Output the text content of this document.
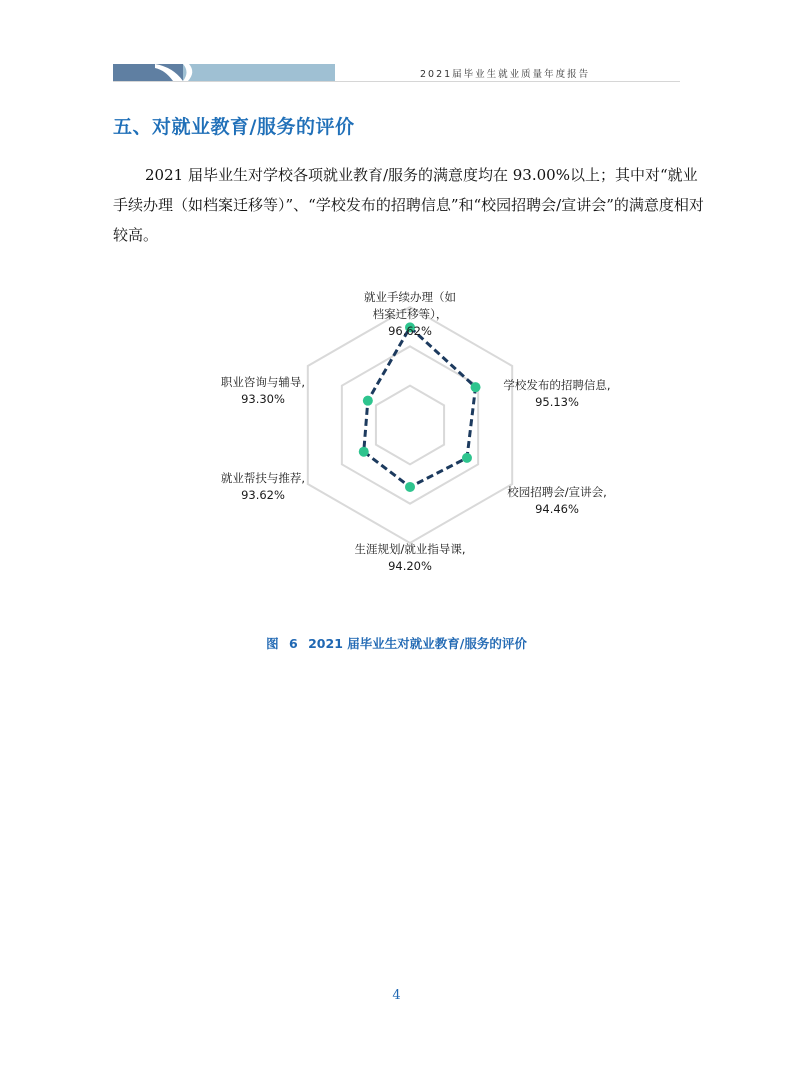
2021届毕业生就业质量年度报告
五、对就业教育/服务的评价

2021 届毕业生对学校各项就业教育/服务的满意度均在 93.00%以上；其中对“就业手续办理（如档案迁移等）”、“学校发布的招聘信息”和“校园招聘会/宣讲会”的满意度相对较高。

就业手续办理（如
档案迁移等），
96.62%
学校发布的招聘信息,
95.13%
校园招聘会/宣讲会,
94.46%
生涯规划/就业指导课,
94.20%
就业帮扶与推荐,
93.62%
职业咨询与辅导,
93.30%
图 6 2021 届毕业生对就业教育/服务的评价
4
